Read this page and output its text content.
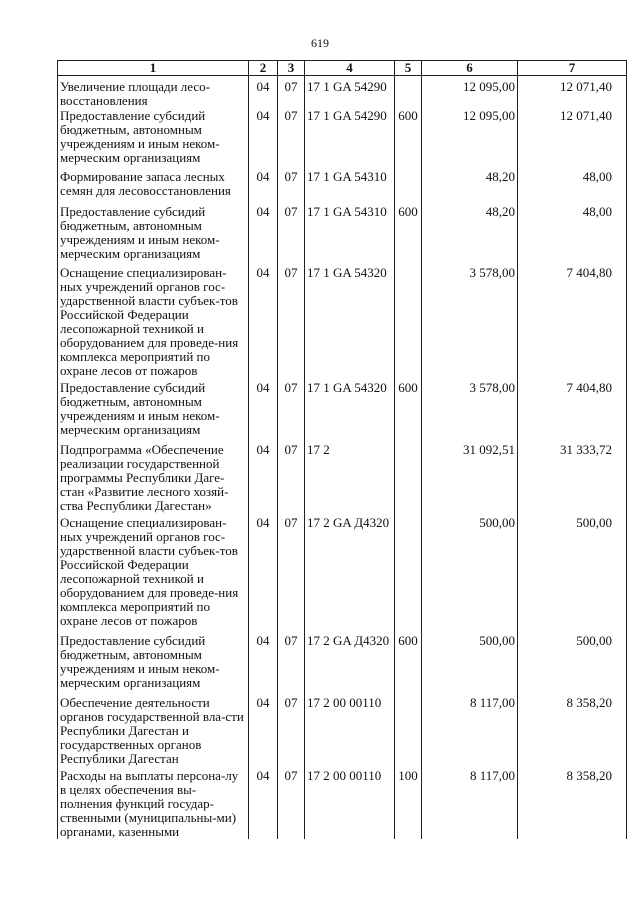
619
1	2	3	4	5	6	7
Увеличение площади лесо- восстановления	04	07	17 1 GA 54290		12 095,00	12 071,40
Предоставление субсидий бюджетным, автономным учреждениям и иным неком-мерческим организациям	04	07	17 1 GA 54290	600	12 095,00	12 071,40
Формирование запаса лесных семян для лесовосстановления	04	07	17 1 GA 54310		48,20	48,00
Предоставление субсидий бюджетным, автономным учреждениям и иным неком-мерческим организациям	04	07	17 1 GA 54310	600	48,20	48,00
Оснащение специализирован-ных учреждений органов гос-ударственной власти субъек-тов Российской Федерации лесопожарной техникой и оборудованием для проведе-ния комплекса мероприятий по охране лесов от пожаров	04	07	17 1 GA 54320		3 578,00	7 404,80
Предоставление субсидий бюджетным, автономным учреждениям и иным неком-мерческим организациям	04	07	17 1 GA 54320	600	3 578,00	7 404,80
Подпрограмма «Обеспечение реализации государственной программы Республики Даге-стан «Развитие лесного хозяй-ства Республики Дагестан»	04	07	17 2		31 092,51	31 333,72
Оснащение специализирован-ных учреждений органов гос-ударственной власти субъек-тов Российской Федерации лесопожарной техникой и оборудованием для проведе-ния комплекса мероприятий по охране лесов от пожаров	04	07	17 2 GA Д4320		500,00	500,00
Предоставление субсидий бюджетным, автономным учреждениям и иным неком-мерческим организациям	04	07	17 2 GA Д4320	600	500,00	500,00
Обеспечение деятельности органов государственной вла-сти Республики Дагестан и государственных органов Республики Дагестан	04	07	17 2 00 00110		8 117,00	8 358,20
Расходы на выплаты персона-лу в целях обеспечения вы-полнения функций государ-ственными (муниципальны-ми) органами, казенными	04	07	17 2 00 00110	100	8 117,00	8 358,20
